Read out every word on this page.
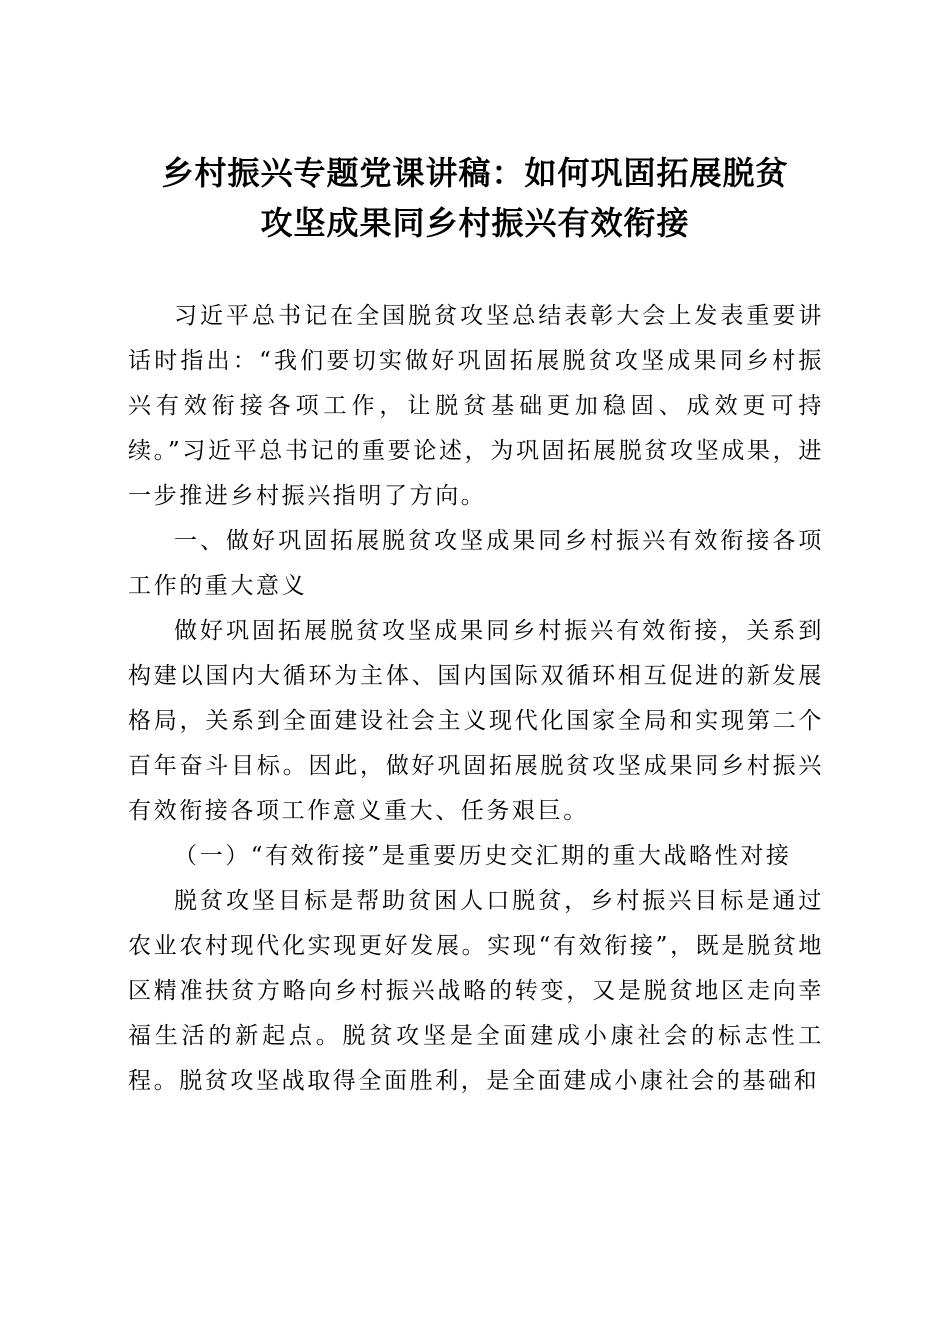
乡村振兴专题党课讲稿：如何巩固拓展脱贫
攻坚成果同乡村振兴有效衔接

习近平总书记在全国脱贫攻坚总结表彰大会上发表重要讲话时指出：“我们要切实做好巩固拓展脱贫攻坚成果同乡村振兴有效衔接各项工作，让脱贫基础更加稳固、成效更可持续。”习近平总书记的重要论述，为巩固拓展脱贫攻坚成果，进一步推进乡村振兴指明了方向。

一、做好巩固拓展脱贫攻坚成果同乡村振兴有效衔接各项工作的重大意义

做好巩固拓展脱贫攻坚成果同乡村振兴有效衔接，关系到构建以国内大循环为主体、国内国际双循环相互促进的新发展格局，关系到全面建设社会主义现代化国家全局和实现第二个百年奋斗目标。因此，做好巩固拓展脱贫攻坚成果同乡村振兴有效衔接各项工作意义重大、任务艰巨。

（一）“有效衔接”是重要历史交汇期的重大战略性对接

脱贫攻坚目标是帮助贫困人口脱贫，乡村振兴目标是通过农业农村现代化实现更好发展。实现“有效衔接”，既是脱贫地区精准扶贫方略向乡村振兴战略的转变，又是脱贫地区走向幸福生活的新起点。脱贫攻坚是全面建成小康社会的标志性工程。脱贫攻坚战取得全面胜利，是全面建成小康社会的基础和
